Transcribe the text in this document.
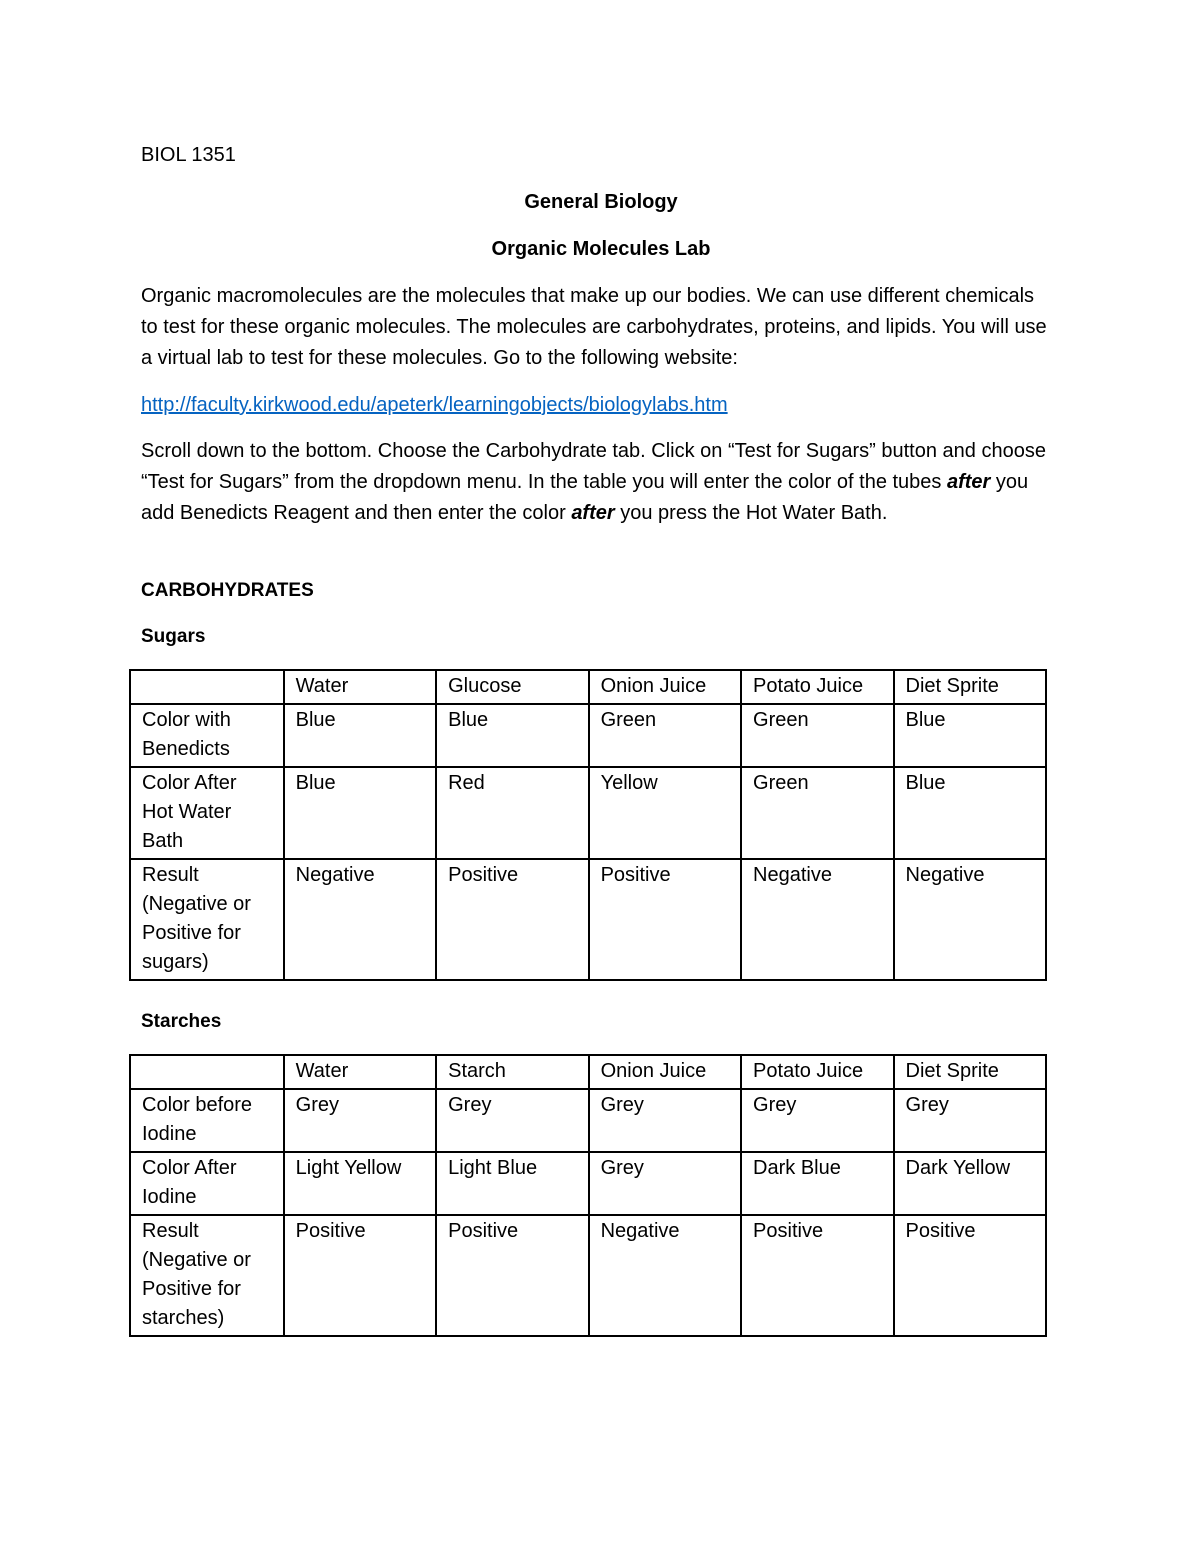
BIOL 1351
General Biology
Organic Molecules Lab
Organic macromolecules are the molecules that make up our bodies. We can use different chemicals to test for these organic molecules. The molecules are carbohydrates, proteins, and lipids. You will use a virtual lab to test for these molecules. Go to the following website:
http://faculty.kirkwood.edu/apeterk/learningobjects/biologylabs.htm
Scroll down to the bottom. Choose the Carbohydrate tab. Click on “Test for Sugars” button and choose “Test for Sugars” from the dropdown menu. In the table you will enter the color of the tubes after you add Benedicts Reagent and then enter the color after you press the Hot Water Bath.
CARBOHYDRATES
Sugars
Starches
	Water	Glucose	Onion Juice	Potato Juice	Diet Sprite
Color with Benedicts	Blue	Blue	Green	Green	Blue
Color After Hot Water Bath	Blue	Red	Yellow	Green	Blue
Result (Negative or Positive for sugars)	Negative	Positive	Positive	Negative	Negative
	Water	Starch	Onion Juice	Potato Juice	Diet Sprite
Color before Iodine	Grey	Grey	Grey	Grey	Grey
Color After Iodine	Light Yellow	Light Blue	Grey	Dark Blue	Dark Yellow
Result (Negative or Positive for starches)	Positive	Positive	Negative	Positive	Positive
